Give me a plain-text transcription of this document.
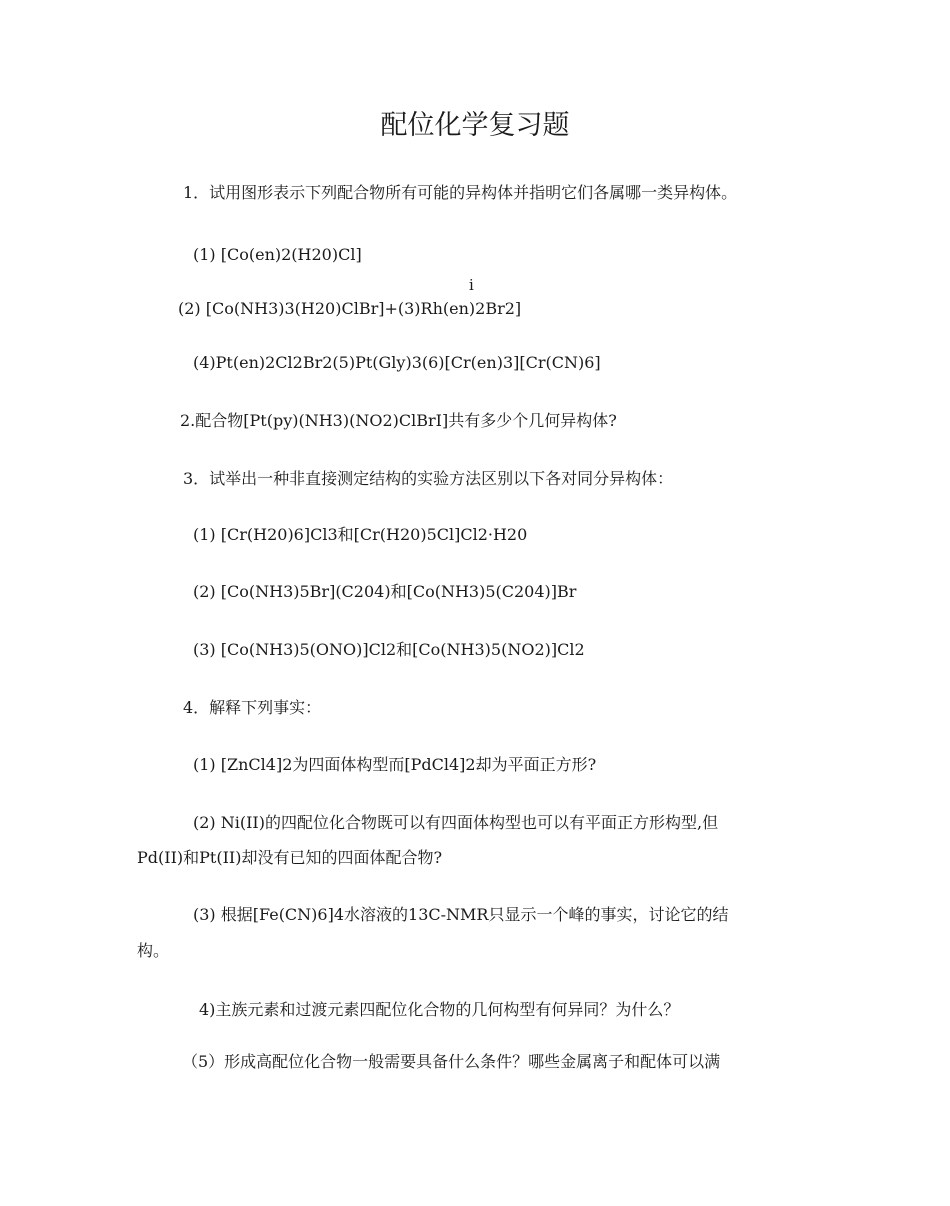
配位化学复习题
1．试用图形表示下列配合物所有可能的异构体并指明它们各属哪一类异构体。
(1) [Co(en)2(H20)Cl]
i
(2) [Co(NH3)3(H20)ClBr]+(3)Rh(en)2Br2]
(4)Pt(en)2Cl2Br2(5)Pt(Gly)3(6)[Cr(en)3][Cr(CN)6]
2.配合物[Pt(py)(NH3)(NO2)ClBrI]共有多少个几何异构体?
3．试举出一种非直接测定结构的实验方法区别以下各对同分异构体：
(1) [Cr(H20)6]Cl3和[Cr(H20)5Cl]Cl2·H20
(2) [Co(NH3)5Br](C204)和[Co(NH3)5(C204)]Br
(3) [Co(NH3)5(ONO)]Cl2和[Co(NH3)5(NO2)]Cl2
4．解释下列事实：
(1) [ZnCl4]2为四面体构型而[PdCl4]2却为平面正方形?
(2) Ni(II)的四配位化合物既可以有四面体构型也可以有平面正方形构型,但
Pd(II)和Pt(II)却没有已知的四面体配合物?
(3) 根据[Fe(CN)6]4水溶液的13C-NMR只显示一个峰的事实，讨论它的结
构。
4)主族元素和过渡元素四配位化合物的几何构型有何异同？为什么？
（5）形成高配位化合物一般需要具备什么条件？哪些金属离子和配体可以满
